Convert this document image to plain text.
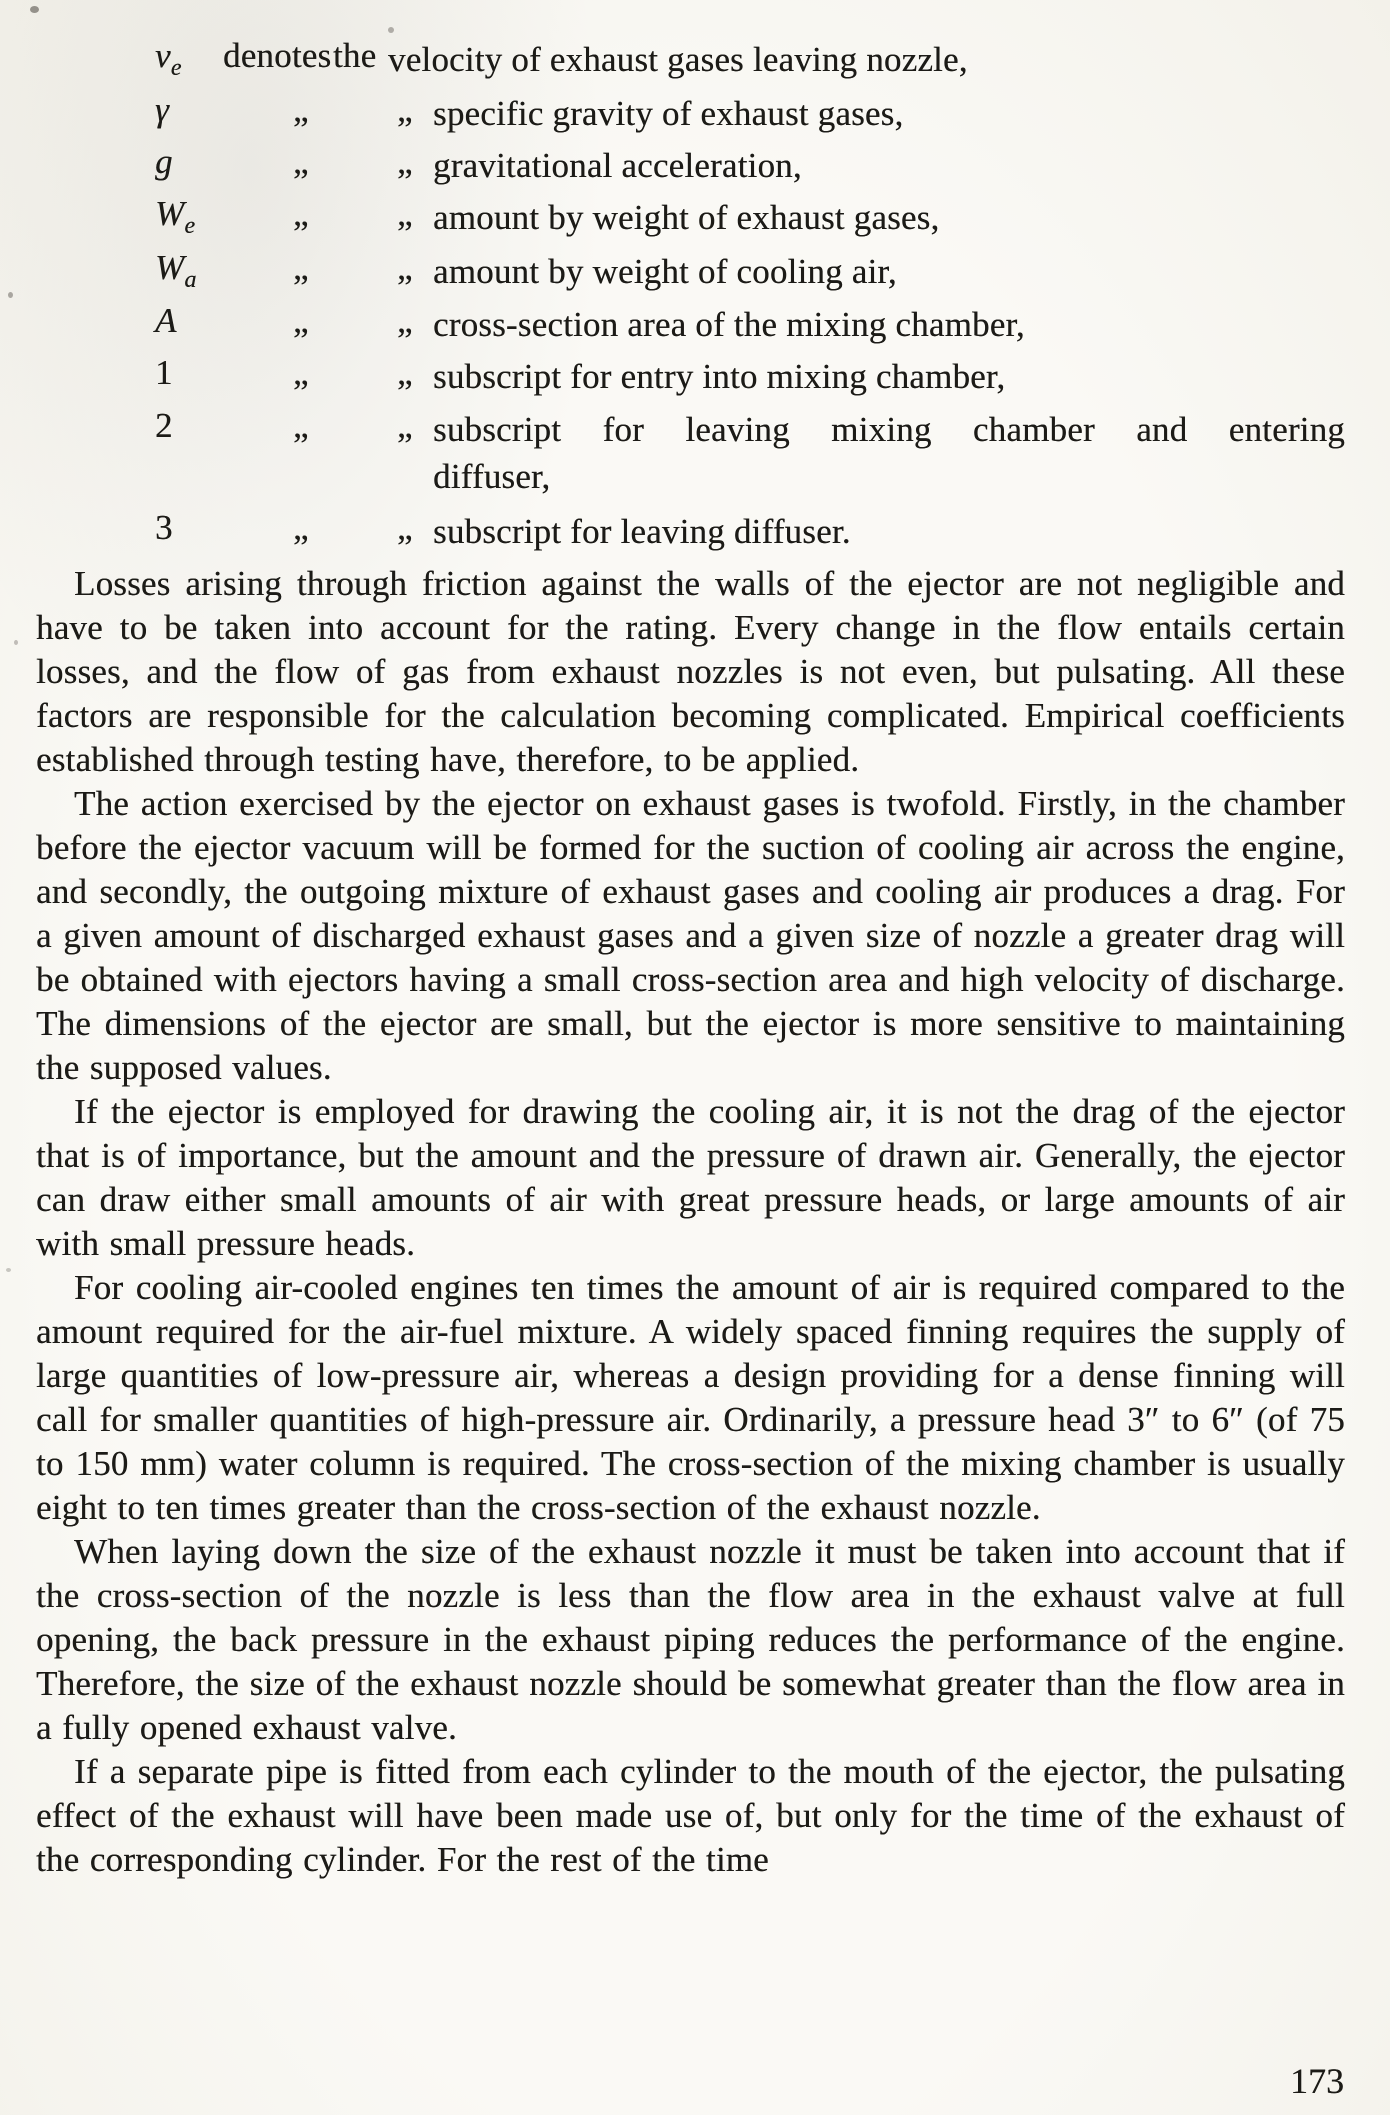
$v_e$ denotes the velocity of exhaust gases leaving nozzle,
γ	„	„ specific gravity of exhaust gases,
g	„	„ gravitational acceleration,
$W_e$	„	„ amount by weight of exhaust gases,
$W_a$	„	„ amount by weight of cooling air,
A	„	„ cross-section area of the mixing chamber,
1	„	„ subscript for entry into mixing chamber,
2	„	„ subscript for leaving mixing chamber and entering
diffuser,
3	„	„ subscript for leaving diffuser.

Losses arising through friction against the walls of the ejector are not negligible and have to be taken into account for the rating. Every change in the flow entails certain losses, and the flow of gas from exhaust nozzles is not even, but pulsating. All these factors are responsible for the calculation becoming complicated. Empirical coefficients established through testing have, therefore, to be applied.

The action exercised by the ejector on exhaust gases is twofold. Firstly, in the chamber before the ejector vacuum will be formed for the suction of cooling air across the engine, and secondly, the outgoing mixture of exhaust gases and cooling air produces a drag. For a given amount of discharged exhaust gases and a given size of nozzle a greater drag will be obtained with ejectors having a small cross-section area and high velocity of discharge. The dimensions of the ejector are small, but the ejector is more sensitive to maintaining the supposed values.

If the ejector is employed for drawing the cooling air, it is not the drag of the ejector that is of importance, but the amount and the pressure of drawn air. Generally, the ejector can draw either small amounts of air with great pressure heads, or large amounts of air with small pressure heads.

For cooling air-cooled engines ten times the amount of air is required compared to the amount required for the air-fuel mixture. A widely spaced finning requires the supply of large quantities of low-pressure air, whereas a design providing for a dense finning will call for smaller quantities of high-pressure air. Ordinarily, a pressure head 3″ to 6″ (of 75 to 150 mm) water column is required. The cross-section of the mixing chamber is usually eight to ten times greater than the cross-section of the exhaust nozzle.

When laying down the size of the exhaust nozzle it must be taken into account that if the cross-section of the nozzle is less than the flow area in the exhaust valve at full opening, the back pressure in the exhaust piping reduces the performance of the engine. Therefore, the size of the exhaust nozzle should be somewhat greater than the flow area in a fully opened exhaust valve.

If a separate pipe is fitted from each cylinder to the mouth of the ejector, the pulsating effect of the exhaust will have been made use of, but only for the time of the exhaust of the corresponding cylinder. For the rest of the time

173
